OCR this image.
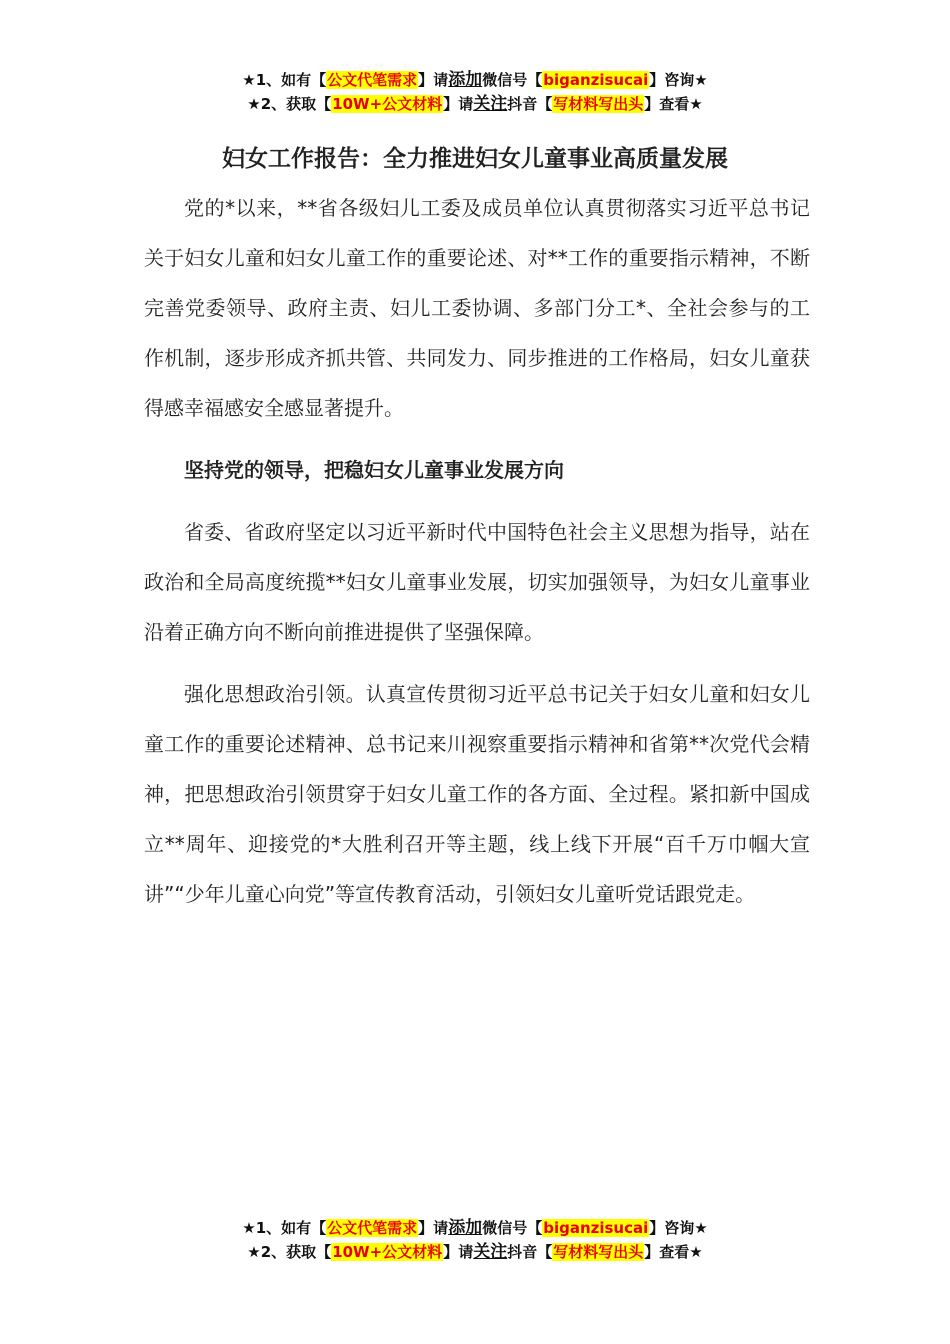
★1、如有【公文代笔需求】请添加微信号【biganzisucai】咨询★
★2、获取【10W+公文材料】请关注抖音【写材料写出头】查看★
妇女工作报告：全力推进妇女儿童事业高质量发展

党的*以来，**省各级妇儿工委及成员单位认真贯彻落实习近平总书记关于妇女儿童和妇女儿童工作的重要论述、对**工作的重要指示精神，不断完善党委领导、政府主责、妇儿工委协调、多部门分工*、全社会参与的工作机制，逐步形成齐抓共管、共同发力、同步推进的工作格局，妇女儿童获得感幸福感安全感显著提升。

坚持党的领导，把稳妇女儿童事业发展方向

省委、省政府坚定以习近平新时代中国特色社会主义思想为指导，站在政治和全局高度统揽**妇女儿童事业发展，切实加强领导，为妇女儿童事业沿着正确方向不断向前推进提供了坚强保障。

强化思想政治引领。认真宣传贯彻习近平总书记关于妇女儿童和妇女儿童工作的重要论述精神、总书记来川视察重要指示精神和省第**次党代会精神，把思想政治引领贯穿于妇女儿童工作的各方面、全过程。紧扣新中国成立**周年、迎接党的*大胜利召开等主题，线上线下开展“百千万巾帼大宣讲”“少年儿童心向党”等宣传教育活动，引领妇女儿童听党话跟党走。

★1、如有【公文代笔需求】请添加微信号【biganzisucai】咨询★
★2、获取【10W+公文材料】请关注抖音【写材料写出头】查看★
